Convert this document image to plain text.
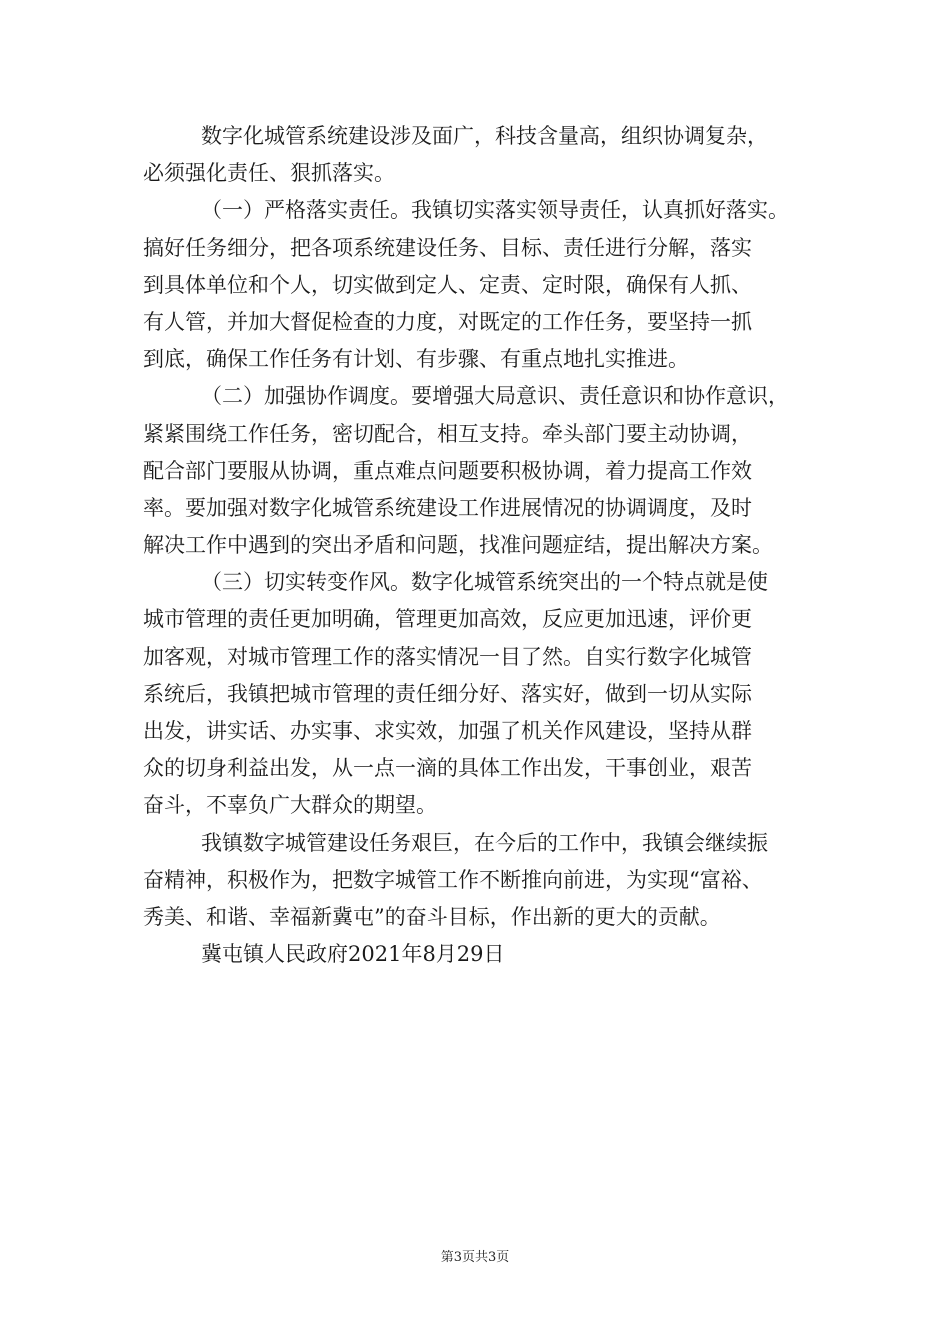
数字化城管系统建设涉及面广，科技含量高，组织协调复杂，
必须强化责任、狠抓落实。
（一）严格落实责任。我镇切实落实领导责任，认真抓好落实。
搞好任务细分，把各项系统建设任务、目标、责任进行分解，落实
到具体单位和个人，切实做到定人、定责、定时限，确保有人抓、
有人管，并加大督促检查的力度，对既定的工作任务，要坚持一抓
到底，确保工作任务有计划、有步骤、有重点地扎实推进。
（二）加强协作调度。要增强大局意识、责任意识和协作意识，
紧紧围绕工作任务，密切配合，相互支持。牵头部门要主动协调，
配合部门要服从协调，重点难点问题要积极协调，着力提高工作效
率。要加强对数字化城管系统建设工作进展情况的协调调度，及时
解决工作中遇到的突出矛盾和问题，找准问题症结，提出解决方案。
（三）切实转变作风。数字化城管系统突出的一个特点就是使
城市管理的责任更加明确，管理更加高效，反应更加迅速，评价更
加客观，对城市管理工作的落实情况一目了然。自实行数字化城管
系统后，我镇把城市管理的责任细分好、落实好，做到一切从实际
出发，讲实话、办实事、求实效，加强了机关作风建设，坚持从群
众的切身利益出发，从一点一滴的具体工作出发，干事创业，艰苦
奋斗，不辜负广大群众的期望。
我镇数字城管建设任务艰巨，在今后的工作中，我镇会继续振
奋精神，积极作为，把数字城管工作不断推向前进，为实现“富裕、
秀美、和谐、幸福新冀屯”的奋斗目标，作出新的更大的贡献。
冀屯镇人民政府2021年8月29日
第3页共3页
